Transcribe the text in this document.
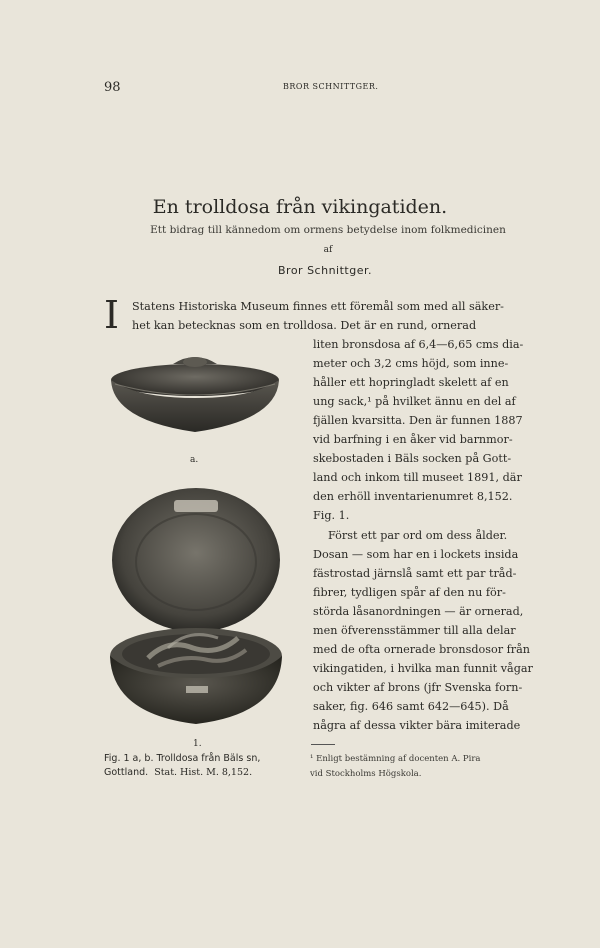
98	BROR SCHNITTGER.
En trolldosa från vikingatiden.
Ett bidrag till kännedom om ormens betydelse inom folkmedicinen
af
Bror Schnittger.
I Statens Historiska Museum finnes ett föremål som med all säker-
het kan betecknas som en trolldosa. Det är en rund, ornerad
liten bronsdosa af 6,4—6,65 cms dia-
meter och 3,2 cms höjd, som inne-
håller ett hopringladt skelett af en
ung sack,¹ på hvilket ännu en del af
fjällen kvarsitta. Den är funnen 1887
vid barfning i en åker vid barnmor-
skebostaden i Bäls socken på Gott-
land och inkom till museet 1891, där
den erhöll inventarienumret 8,152.
Fig. 1.
Först ett par ord om dess ålder.
Dosan — som har en i lockets insida
fästrostad järnslå samt ett par tråd-
fibrer, tydligen spår af den nu för-
störda låsanordningen — är ornerad,
men öfverensstämmer till alla delar
med de ofta ornerade bronsdosor från
vikingatiden, i hvilka man funnit vågar
och vikter af brons (jfr Svenska forn-
saker, fig. 646 samt 642—645). Då
några af dessa vikter bära imiterade
a.
1.
Fig. 1 a, b. Trolldosa från Bäls sn,
Gottland. Stat. Hist. M. 8,152.
¹ Enligt bestämning af docenten A. Pira
vid Stockholms Högskola.
